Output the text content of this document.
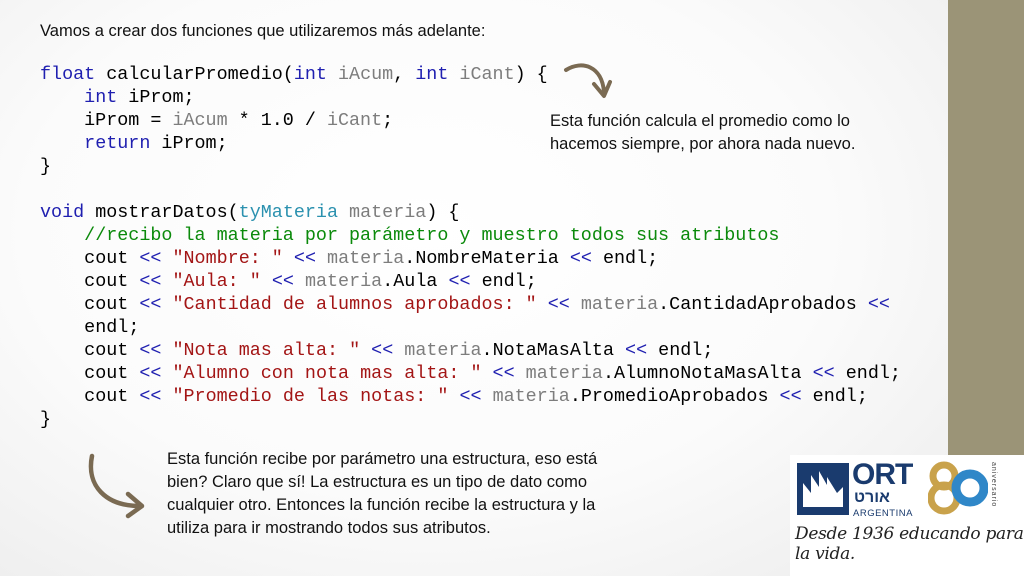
Vamos a crear dos funciones que utilizaremos más adelante:
float calcularPromedio(int iAcum, int iCant) {
int iProm;
iProm = iAcum * 1.0 / iCant;
return iProm;
}
void mostrarDatos(tyMateria materia) {
//recibo la materia por parámetro y muestro todos sus atributos
cout << "Nombre: " << materia.NombreMateria << endl;
cout << "Aula: " << materia.Aula << endl;
cout << "Cantidad de alumnos aprobados: " << materia.CantidadAprobados <<
endl;
cout << "Nota mas alta: " << materia.NotaMasAlta << endl;
cout << "Alumno con nota mas alta: " << materia.AlumnoNotaMasAlta << endl;
cout << "Promedio de las notas: " << materia.PromedioAprobados << endl;
}
Esta función calcula el promedio como lo hacemos siempre, por ahora nada nuevo.
Esta función recibe por parámetro una estructura, eso está bien? Claro que sí! La estructura es un tipo de dato como cualquier otro. Entonces la función recibe la estructura y la utiliza para ir mostrando todos sus atributos.
ORT
אורט
ARGENTINA
aniversario
Desde 1936 educando para la vida.
